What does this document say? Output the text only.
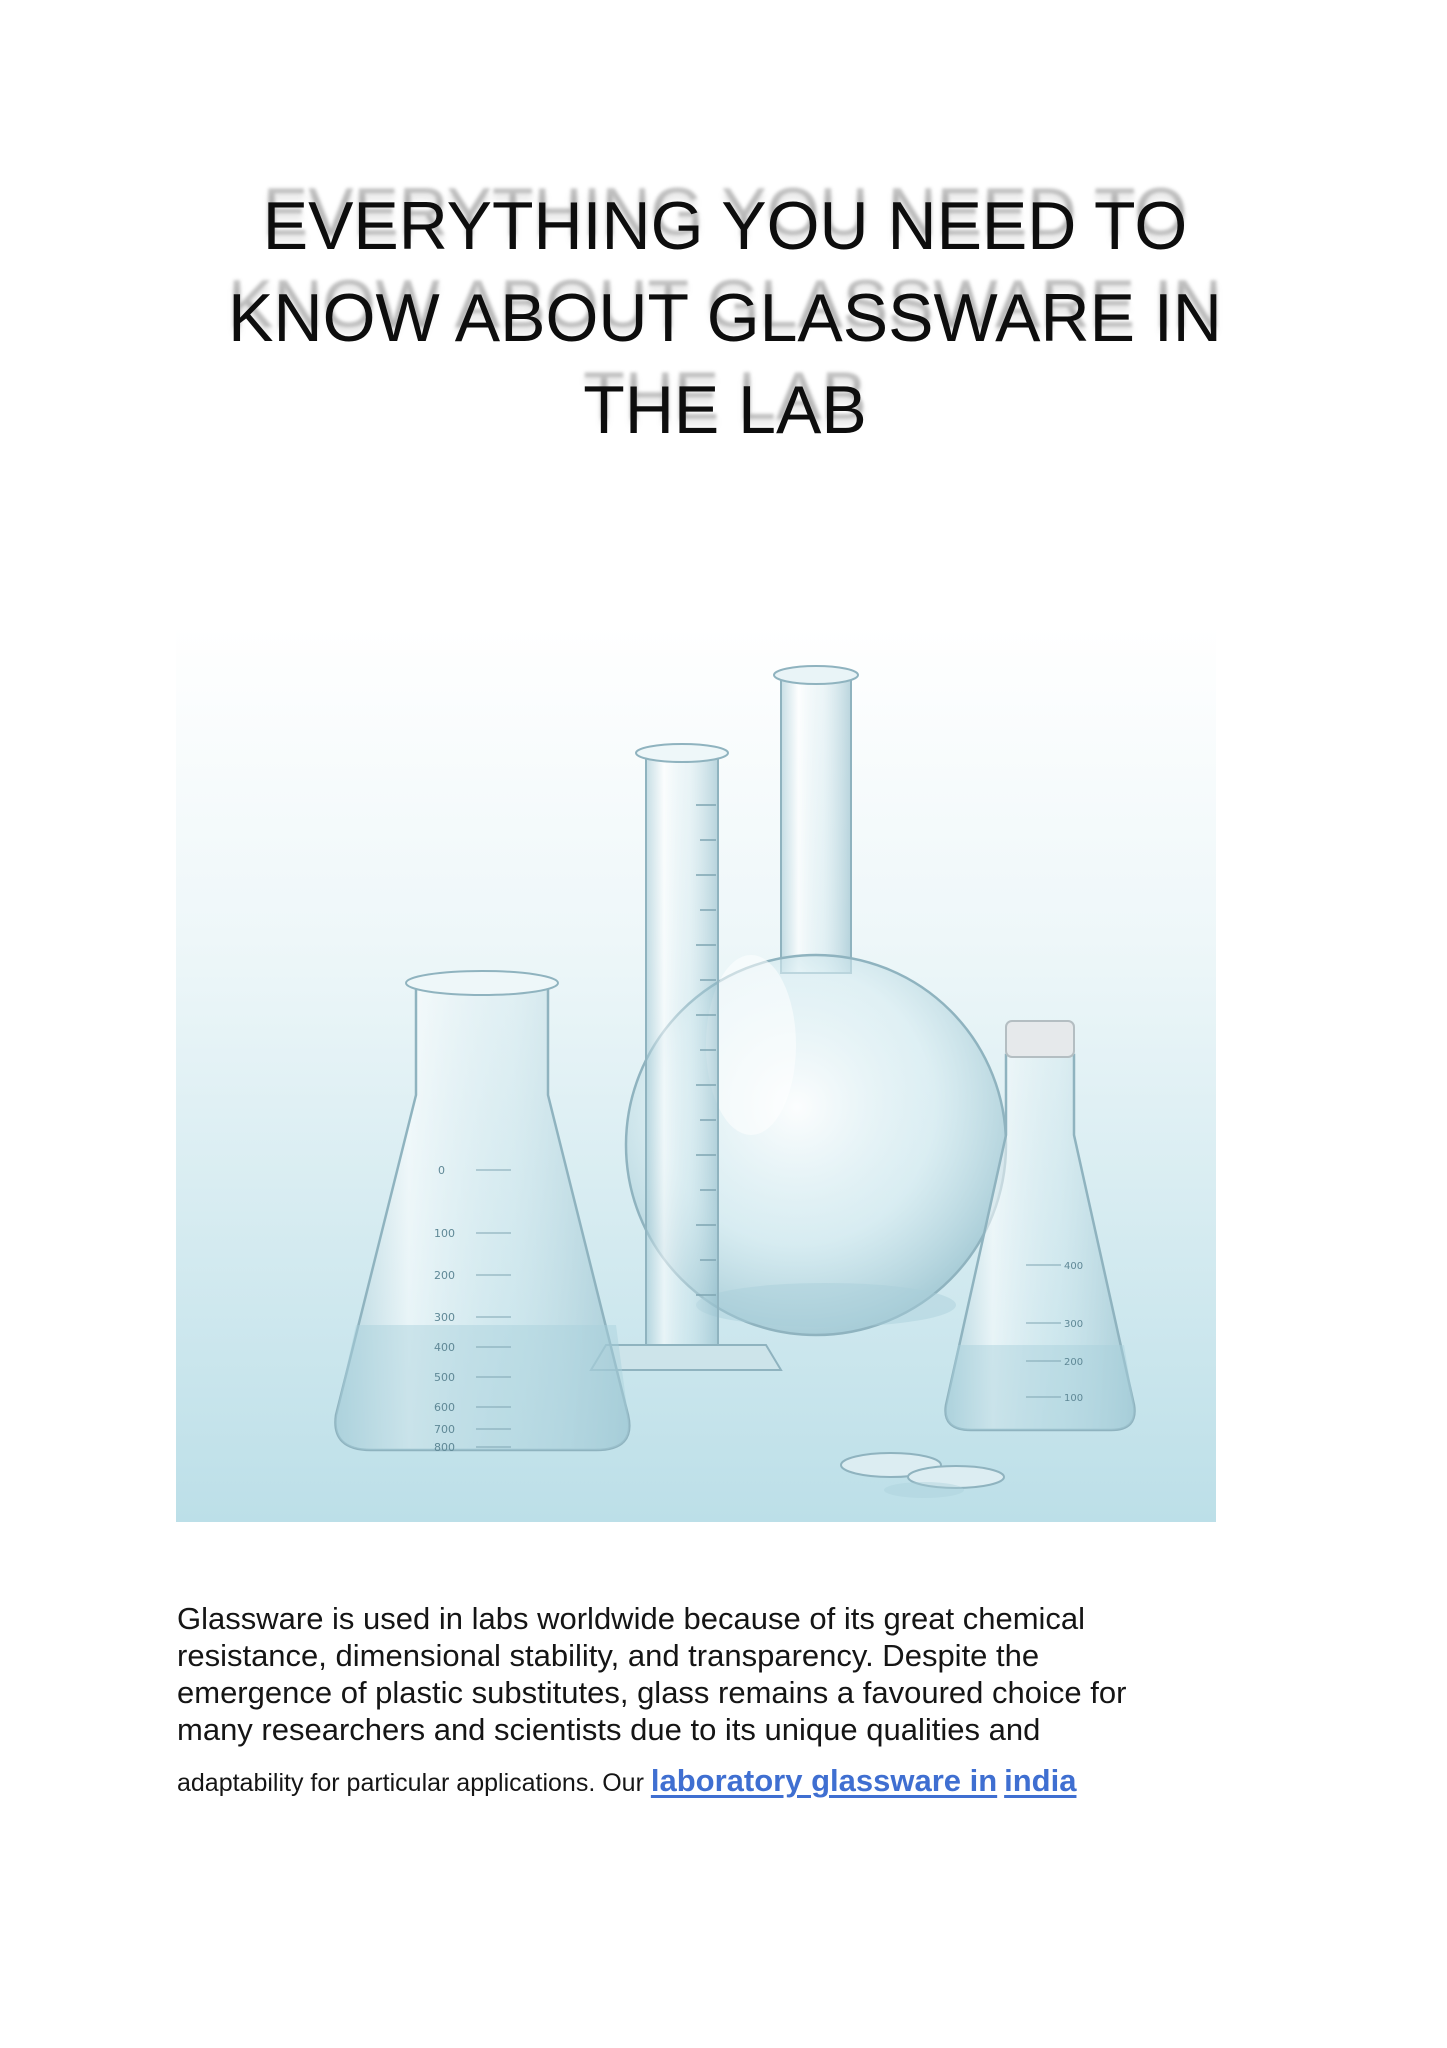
EVERYTHING YOU NEED TO
KNOW ABOUT GLASSWARE IN
THE LAB
0
100
200
300
400
500
600
700
800
400
300
200
100
Glassware is used in labs worldwide because of its great chemical
resistance, dimensional stability, and transparency. Despite the
emergence of plastic substitutes, glass remains a favoured choice for
many researchers and scientists due to its unique qualities and
adaptability for particular applications. Our laboratory glassware in india
